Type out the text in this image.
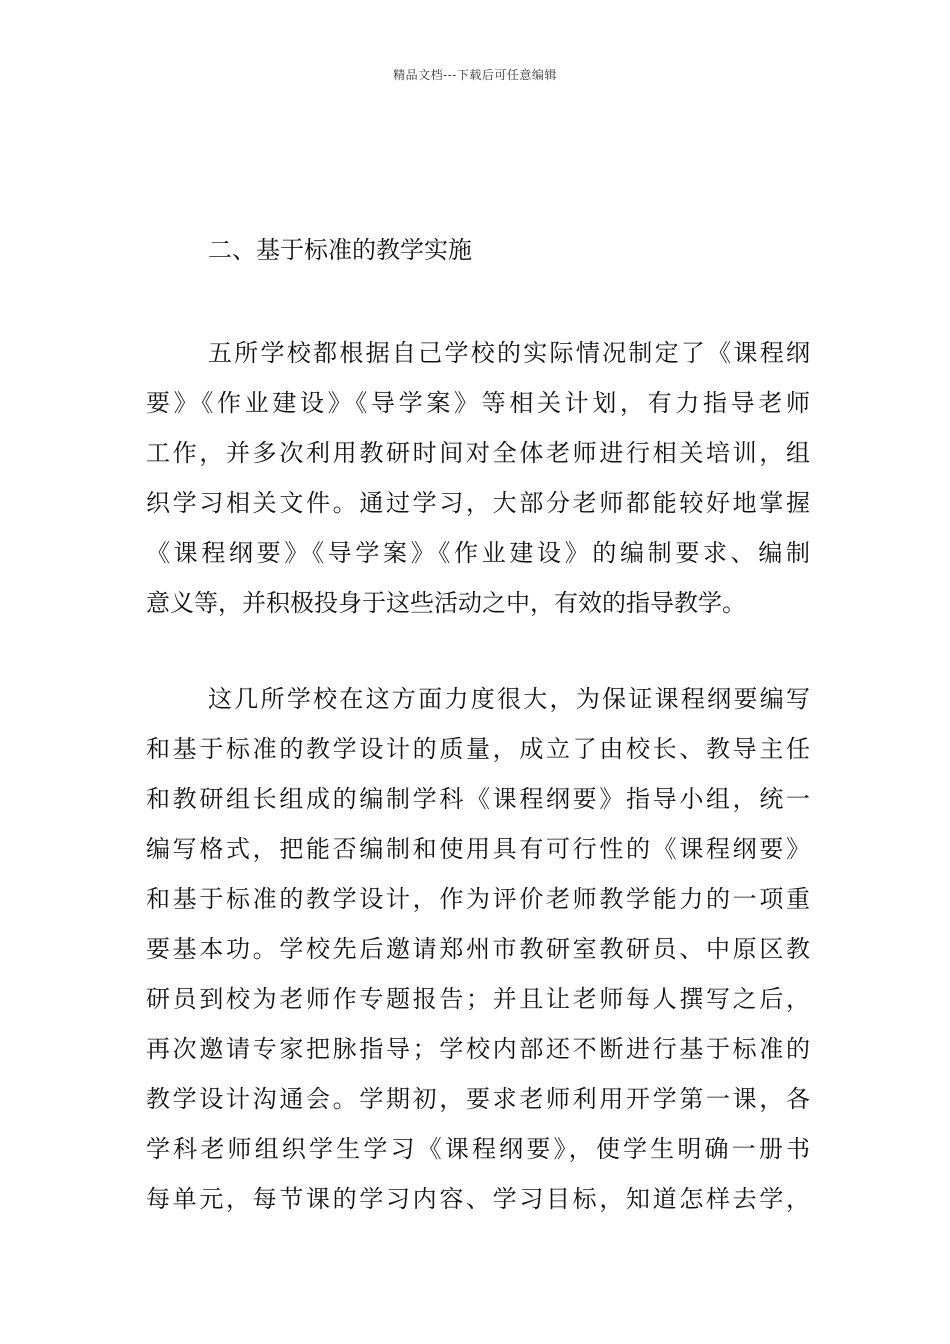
精品文档---下载后可任意编辑
二、基于标准的教学实施
五所学校都根据自己学校的实际情况制定了《课程纲
要》《作业建设》《导学案》等相关计划，有力指导老师
工作，并多次利用教研时间对全体老师进行相关培训，组
织学习相关文件。通过学习，大部分老师都能较好地掌握
《课程纲要》《导学案》《作业建设》的编制要求、编制
意义等，并积极投身于这些活动之中，有效的指导教学。
这几所学校在这方面力度很大，为保证课程纲要编写
和基于标准的教学设计的质量，成立了由校长、教导主任
和教研组长组成的编制学科《课程纲要》指导小组，统一
编写格式，把能否编制和使用具有可行性的《课程纲要》
和基于标准的教学设计，作为评价老师教学能力的一项重
要基本功。学校先后邀请郑州市教研室教研员、中原区教
研员到校为老师作专题报告；并且让老师每人撰写之后，
再次邀请专家把脉指导；学校内部还不断进行基于标准的
教学设计沟通会。学期初，要求老师利用开学第一课，各
学科老师组织学生学习《课程纲要》，使学生明确一册书
每单元，每节课的学习内容、学习目标，知道怎样去学，
